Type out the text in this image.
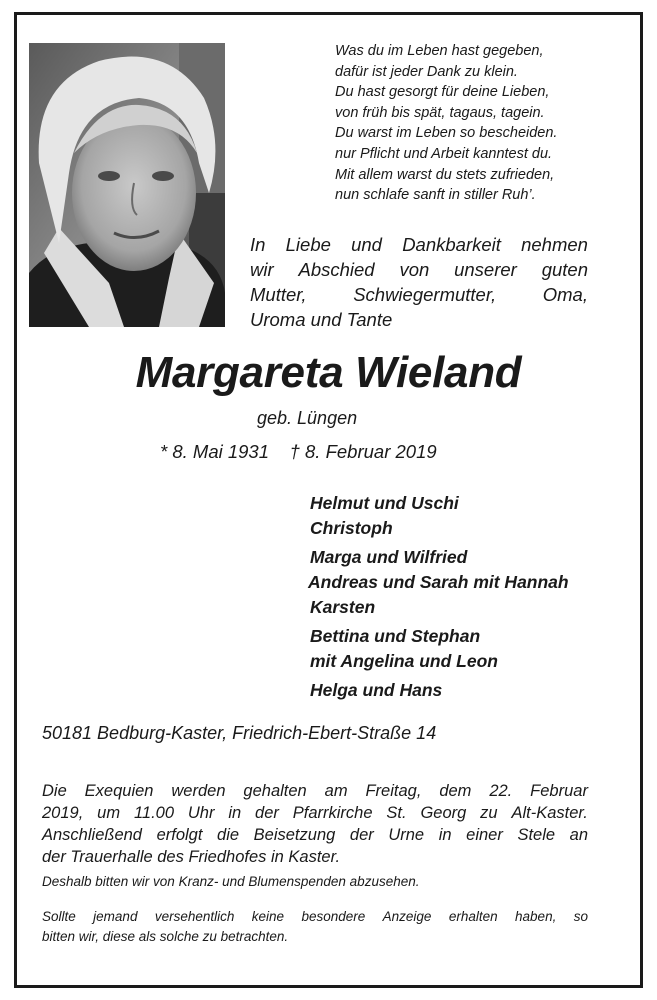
Was du im Leben hast gegeben,
dafür ist jeder Dank zu klein.
Du hast gesorgt für deine Lieben,
von früh bis spät, tagaus, tagein.
Du warst im Leben so bescheiden.
nur Pflicht und Arbeit kanntest du.
Mit allem warst du stets zufrieden,
nun schlafe sanft in stiller Ruh’.
In Liebe und Dankbarkeit nehmen
wir Abschied von unserer guten
Mutter,	Schwiegermutter,	Oma,
Uroma und Tante
Margareta Wieland
geb. Lüngen
* 8. Mai 1931 † 8. Februar 2019
Helmut und Uschi
Christoph
Marga und Wilfried
Andreas und Sarah mit Hannah
Karsten
Bettina und Stephan
mit Angelina und Leon
Helga und Hans
50181 Bedburg-Kaster, Friedrich-Ebert-Straße 14
Die Exequien werden gehalten am Freitag, dem 22. Februar
2019, um 11.00 Uhr in der Pfarrkirche St. Georg zu Alt-Kaster.
Anschließend erfolgt die Beisetzung der Urne in einer Stele an
der Trauerhalle des Friedhofes in Kaster.
Deshalb bitten wir von Kranz- und Blumenspenden abzusehen.
Sollte jemand versehentlich keine besondere Anzeige erhalten haben, so
bitten wir, diese als solche zu betrachten.
